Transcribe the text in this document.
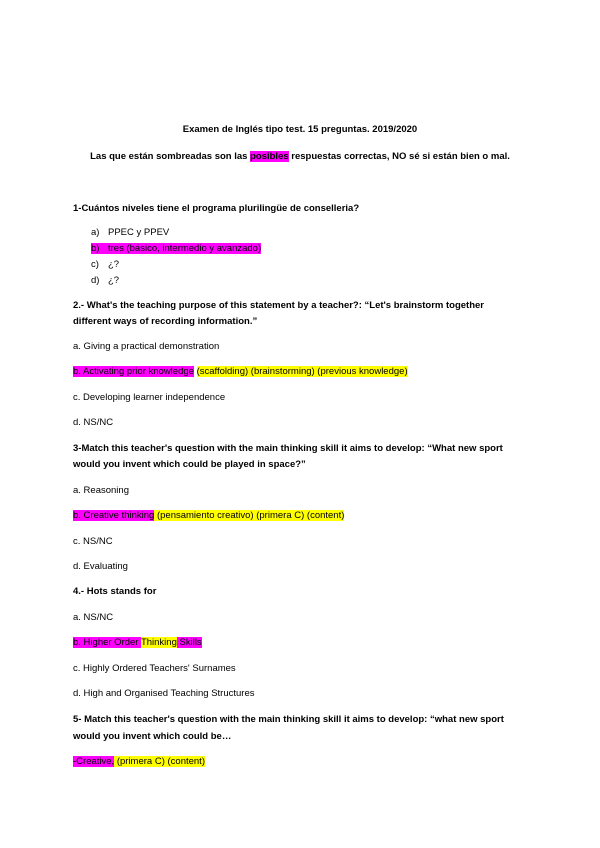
Examen de Inglés tipo test. 15 preguntas. 2019/2020
Las que están sombreadas son las posibles respuestas correctas, NO sé si están bien o mal.
1-Cuántos niveles tiene el programa plurilingüe de conselleria?
a) PPEC y PPEV
b) tres (básico, intermedio y avanzado)
c) ¿?
d) ¿?
2.- What's the teaching purpose of this statement by a teacher?: “Let's brainstorm together
different ways of recording information.”
a. Giving a practical demonstration
b. Activating prior knowledge (scaffolding) (brainstorming) (previous knowledge)
c. Developing learner independence
d. NS/NC
3-Match this teacher's question with the main thinking skill it aims to develop: “What new sport
would you invent which could be played in space?”
a. Reasoning
b. Creative thinking (pensamiento creativo) (primera C) (content)
c. NS/NC
d. Evaluating
4.- Hots stands for
a. NS/NC
b. Higher Order Thinking Skills
c. Highly Ordered Teachers' Surnames
d. High and Organised Teaching Structures
5- Match this teacher's question with the main thinking skill it aims to develop: “what new sport
would you invent which could be…
-Creative, (primera C) (content)
